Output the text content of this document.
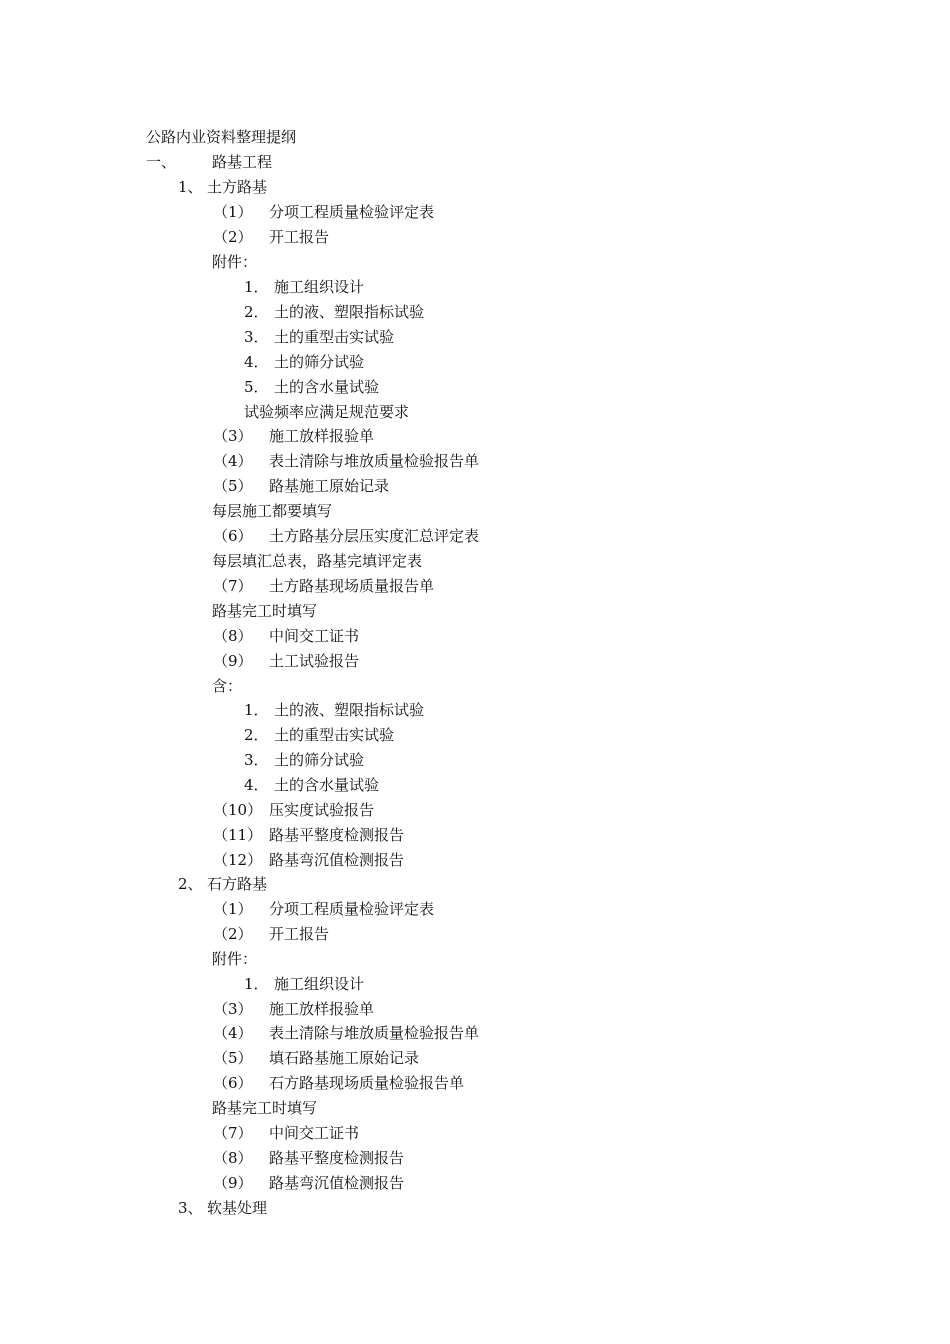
公路内业资料整理提纲
一、 路基工程
1、 土方路基
（1） 分项工程质量检验评定表
（2） 开工报告
附件：
1． 施工组织设计
2． 土的液、塑限指标试验
3． 土的重型击实试验
4． 土的筛分试验
5． 土的含水量试验
试验频率应满足规范要求
（3） 施工放样报验单
（4） 表土清除与堆放质量检验报告单
（5） 路基施工原始记录
每层施工都要填写
（6） 土方路基分层压实度汇总评定表
每层填汇总表，路基完填评定表
（7） 土方路基现场质量报告单
路基完工时填写
（8） 中间交工证书
（9） 土工试验报告
含：
1． 土的液、塑限指标试验
2． 土的重型击实试验
3． 土的筛分试验
4． 土的含水量试验
（10） 压实度试验报告
（11） 路基平整度检测报告
（12） 路基弯沉值检测报告
2、 石方路基
（1） 分项工程质量检验评定表
（2） 开工报告
附件：
1． 施工组织设计
（3） 施工放样报验单
（4） 表土清除与堆放质量检验报告单
（5） 填石路基施工原始记录
（6） 石方路基现场质量检验报告单
路基完工时填写
（7） 中间交工证书
（8） 路基平整度检测报告
（9） 路基弯沉值检测报告
3、 软基处理
